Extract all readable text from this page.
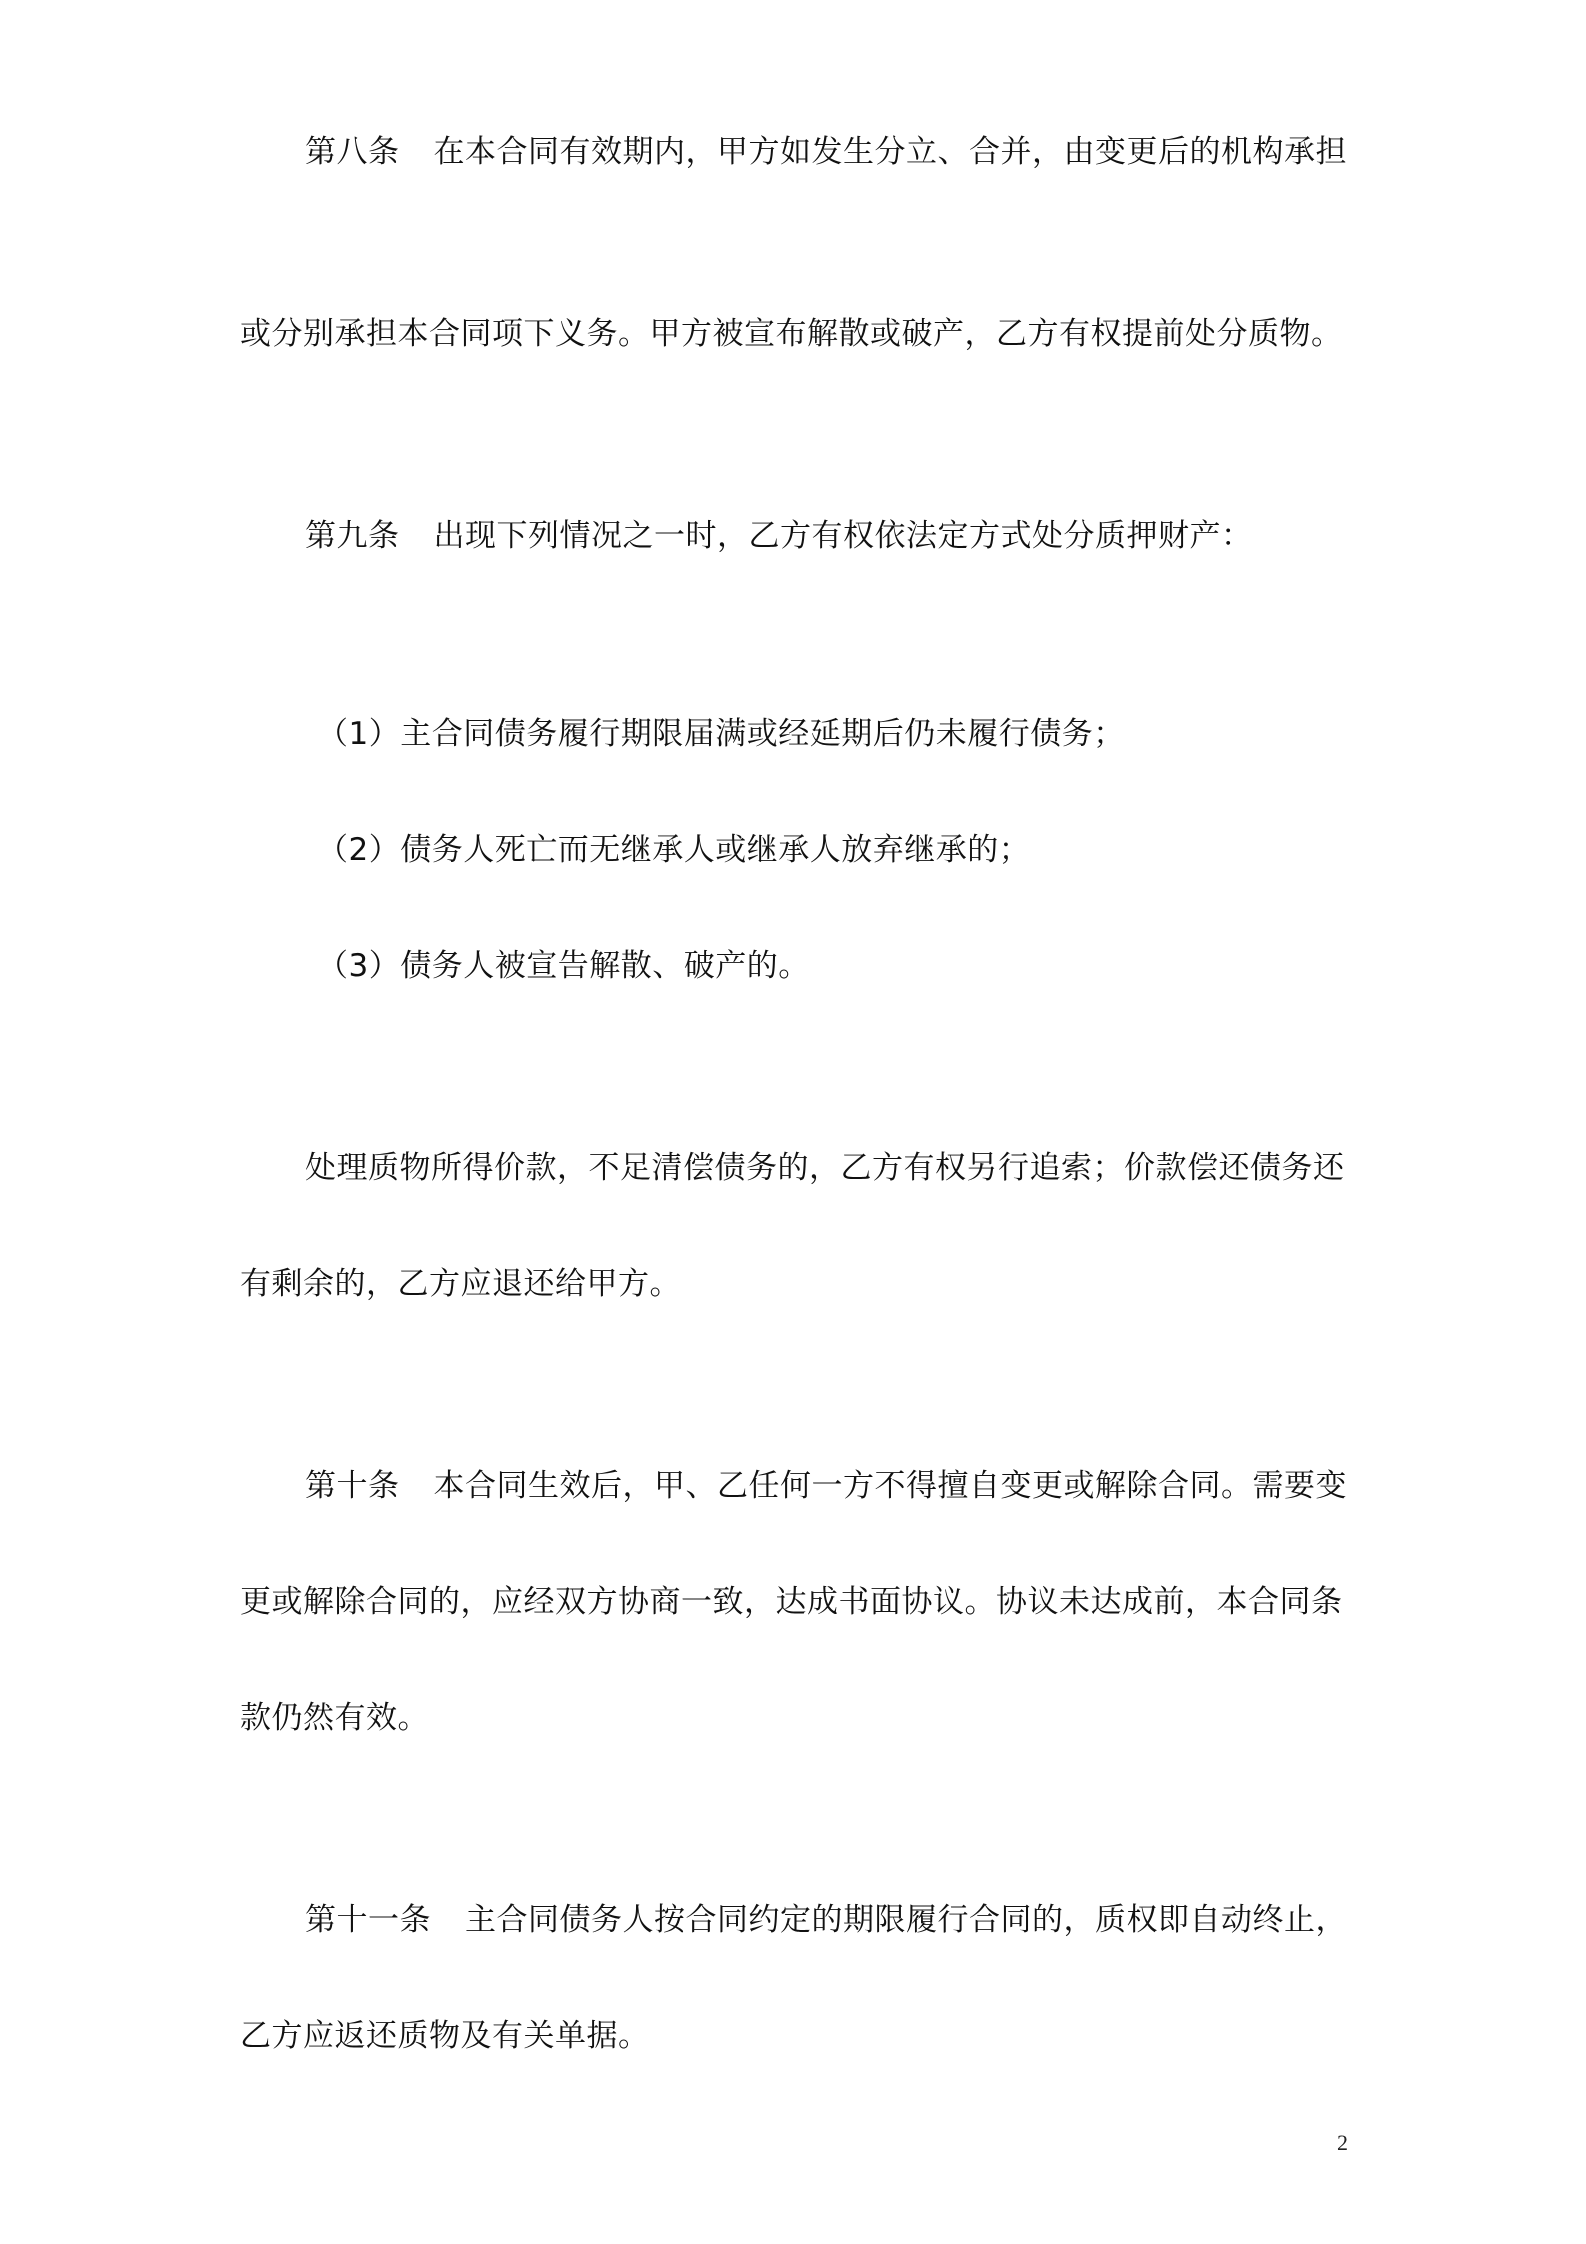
第八条 在本合同有效期内，甲方如发生分立、合并，由变更后的机构承担
或分别承担本合同项下义务。甲方被宣布解散或破产，乙方有权提前处分质物。
第九条 出现下列情况之一时，乙方有权依法定方式处分质押财产：
（1）主合同债务履行期限届满或经延期后仍未履行债务；
（2）债务人死亡而无继承人或继承人放弃继承的；
（3）债务人被宣告解散、破产的。
处理质物所得价款，不足清偿债务的，乙方有权另行追索；价款偿还债务还
有剩余的，乙方应退还给甲方。
第十条 本合同生效后，甲、乙任何一方不得擅自变更或解除合同。需要变
更或解除合同的，应经双方协商一致，达成书面协议。协议未达成前，本合同条
款仍然有效。
第十一条 主合同债务人按合同约定的期限履行合同的，质权即自动终止，
乙方应返还质物及有关单据。
2
